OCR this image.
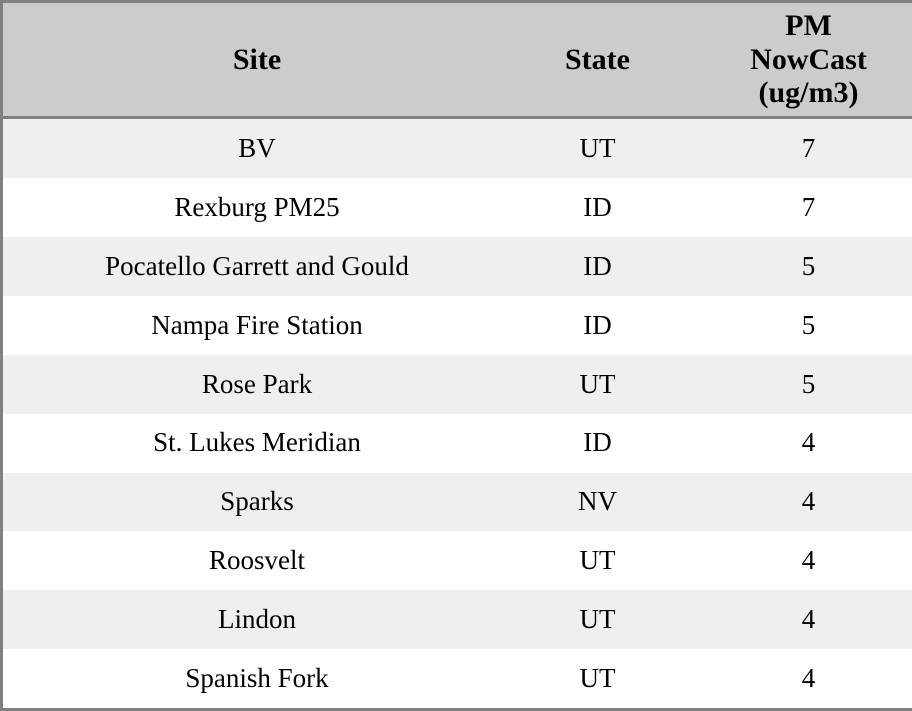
Site	State	PM
NowCast
(ug/m3)
BV	UT	7
Rexburg PM25	ID	7
Pocatello Garrett and Gould	ID	5
Nampa Fire Station	ID	5
Rose Park	UT	5
St. Lukes Meridian	ID	4
Sparks	NV	4
Roosvelt	UT	4
Lindon	UT	4
Spanish Fork	UT	4
